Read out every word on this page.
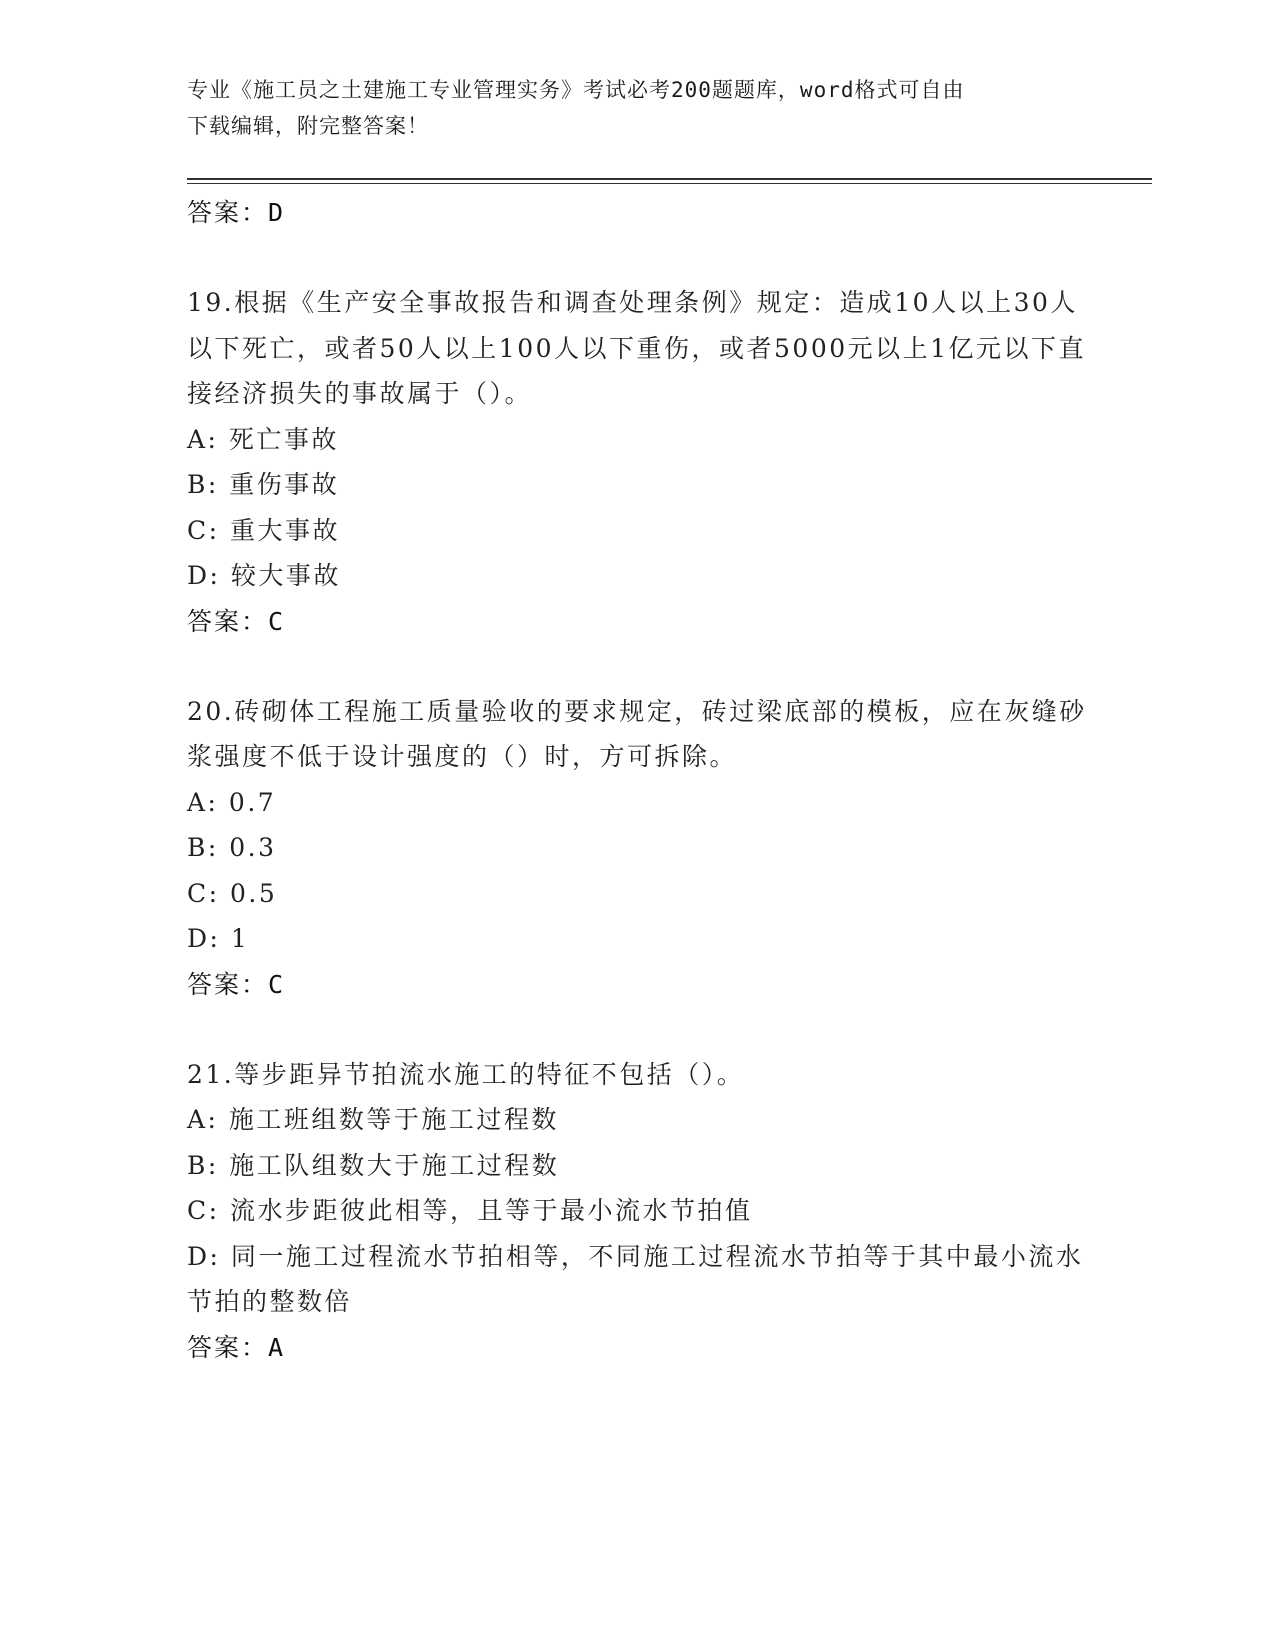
专业《施工员之土建施工专业管理实务》考试必考200题题库，word格式可自由
下载编辑，附完整答案！
答案：D

19.根据《生产安全事故报告和调查处理条例》规定：造成10人以上30人以下死亡，或者50人以上100人以下重伤，或者5000元以上1亿元以下直接经济损失的事故属于（）。

A: 死亡事故
B: 重伤事故
C: 重大事故
D: 较大事故
答案：C

20.砖砌体工程施工质量验收的要求规定，砖过梁底部的模板，应在灰缝砂浆强度不低于设计强度的（）时，方可拆除。

A: 0.7
B: 0.3
C: 0.5
D: 1
答案：C

21.等步距异节拍流水施工的特征不包括（）。

A: 施工班组数等于施工过程数
B: 施工队组数大于施工过程数
C: 流水步距彼此相等，且等于最小流水节拍值
D: 同一施工过程流水节拍相等，不同施工过程流水节拍等于其中最小流水节拍的整数倍
答案：A
